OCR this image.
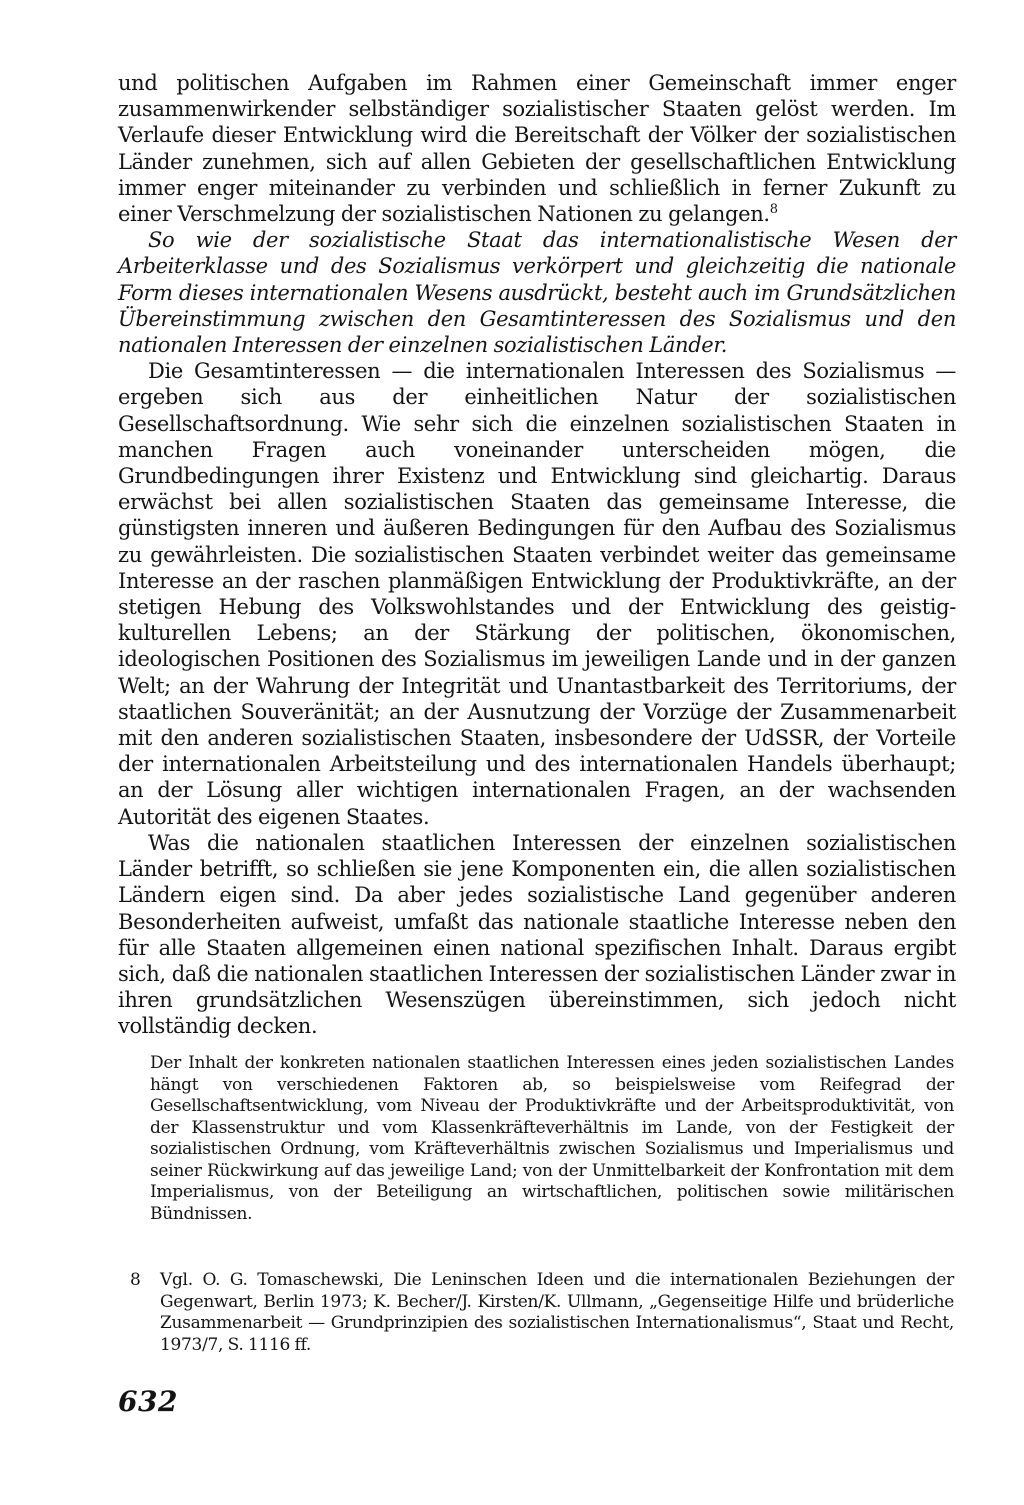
und politischen Aufgaben im Rahmen einer Gemeinschaft immer enger zusammenwirkender selbständiger sozialistischer Staaten gelöst werden. Im Verlaufe dieser Entwicklung wird die Bereitschaft der Völker der sozialistischen Länder zunehmen, sich auf allen Gebieten der gesellschaftlichen Entwicklung immer enger miteinander zu verbinden und schließlich in ferner Zukunft zu einer Verschmelzung der sozialistischen Nationen zu gelangen.$^8$

So wie der sozialistische Staat das internationalistische Wesen der Arbeiterklasse und des Sozialismus verkörpert und gleichzeitig die nationale Form dieses internationalen Wesens ausdrückt, besteht auch im Grundsätzlichen Übereinstimmung zwischen den Gesamtinteressen des Sozialismus und den nationalen Interessen der einzelnen sozialistischen Länder.

Die Gesamtinteressen — die internationalen Interessen des Sozialismus — ergeben sich aus der einheitlichen Natur der sozialistischen Gesellschaftsordnung. Wie sehr sich die einzelnen sozialistischen Staaten in manchen Fragen auch voneinander unterscheiden mögen, die Grundbedingungen ihrer Existenz und Entwicklung sind gleichartig. Daraus erwächst bei allen sozialistischen Staaten das gemeinsame Interesse, die günstigsten inneren und äußeren Bedingungen für den Aufbau des Sozialismus zu gewährleisten. Die sozialistischen Staaten verbindet weiter das gemeinsame Interesse an der raschen planmäßigen Entwicklung der Produktivkräfte, an der stetigen Hebung des Volkswohlstandes und der Entwicklung des geistig-kulturellen Lebens; an der Stärkung der politischen, ökonomischen, ideologischen Positionen des Sozialismus im jeweiligen Lande und in der ganzen Welt; an der Wahrung der Integrität und Unantastbarkeit des Territoriums, der staatlichen Souveränität; an der Ausnutzung der Vorzüge der Zusammenarbeit mit den anderen sozialistischen Staaten, insbesondere der UdSSR, der Vorteile der internationalen Arbeitsteilung und des internationalen Handels überhaupt; an der Lösung aller wichtigen internationalen Fragen, an der wachsenden Autorität des eigenen Staates.

Was die nationalen staatlichen Interessen der einzelnen sozialistischen Länder betrifft, so schließen sie jene Komponenten ein, die allen sozialistischen Ländern eigen sind. Da aber jedes sozialistische Land gegenüber anderen Besonderheiten aufweist, umfaßt das nationale staatliche Interesse neben den für alle Staaten allgemeinen einen national spezifischen Inhalt. Daraus ergibt sich, daß die nationalen staatlichen Interessen der sozialistischen Länder zwar in ihren grundsätzlichen Wesenszügen übereinstimmen, sich jedoch nicht vollständig decken.

Der Inhalt der konkreten nationalen staatlichen Interessen eines jeden sozialistischen Landes hängt von verschiedenen Faktoren ab, so beispielsweise vom Reifegrad der Gesellschaftsentwicklung, vom Niveau der Produktivkräfte und der Arbeitsproduktivität, von der Klassenstruktur und vom Klassenkräfteverhältnis im Lande, von der Festigkeit der sozialistischen Ordnung, vom Kräfteverhältnis zwischen Sozialismus und Imperialismus und seiner Rückwirkung auf das jeweilige Land; von der Unmittelbarkeit der Konfrontation mit dem Imperialismus, von der Beteiligung an wirtschaftlichen, politischen sowie militärischen Bündnissen.

8 Vgl. O. G. Tomaschewski, Die Leninschen Ideen und die internationalen Beziehungen der Gegenwart, Berlin 1973; K. Becher/J. Kirsten/K. Ullmann, „Gegenseitige Hilfe und brüderliche Zusammenarbeit — Grundprinzipien des sozialistischen Internationalismus“, Staat und Recht, 1973/7, S. 1116 ff.
632
